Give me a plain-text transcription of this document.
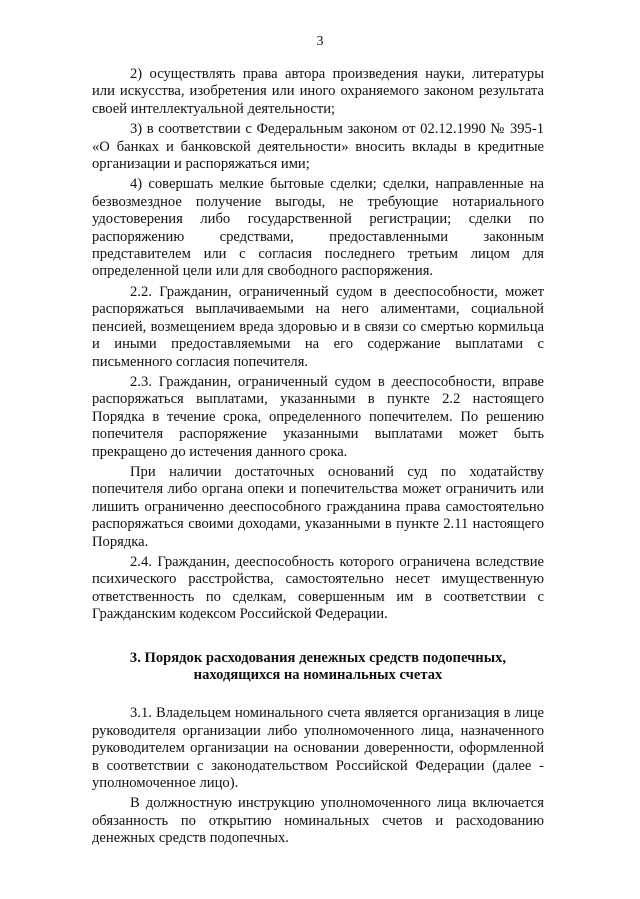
3

2) осуществлять права автора произведения науки, литературы или искусства, изобретения или иного охраняемого законом результата своей интеллектуальной деятельности;

3) в соответствии с Федеральным законом от 02.12.1990 № 395-1 «О банках и банковской деятельности» вносить вклады в кредитные организации и распоряжаться ими;

4) совершать мелкие бытовые сделки; сделки, направленные на безвозмездное получение выгоды, не требующие нотариального удостоверения либо государственной регистрации; сделки по распоряжению средствами, предоставленными законным представителем или с согласия последнего третьим лицом для определенной цели или для свободного распоряжения.

2.2. Гражданин, ограниченный судом в дееспособности, может распоряжаться выплачиваемыми на него алиментами, социальной пенсией, возмещением вреда здоровью и в связи со смертью кормильца и иными предоставляемыми на его содержание выплатами с письменного согласия попечителя.

2.3. Гражданин, ограниченный судом в дееспособности, вправе распоряжаться выплатами, указанными в пункте 2.2 настоящего Порядка в течение срока, определенного попечителем. По решению попечителя распоряжение указанными выплатами может быть прекращено до истечения данного срока.

При наличии достаточных оснований суд по ходатайству попечителя либо органа опеки и попечительства может ограничить или лишить ограниченно дееспособного гражданина права самостоятельно распоряжаться своими доходами, указанными в пункте 2.11 настоящего Порядка.

2.4. Гражданин, дееспособность которого ограничена вследствие психического расстройства, самостоятельно несет имущественную ответственность по сделкам, совершенным им в соответствии с Гражданским кодексом Российской Федерации.

3. Порядок расходования денежных средств подопечных,
находящихся на номинальных счетах

3.1. Владельцем номинального счета является организация в лице руководителя организации либо уполномоченного лица, назначенного руководителем организации на основании доверенности, оформленной в соответствии с законодательством Российской Федерации (далее - уполномоченное лицо).

В должностную инструкцию уполномоченного лица включается обязанность по открытию номинальных счетов и расходованию денежных средств подопечных.
